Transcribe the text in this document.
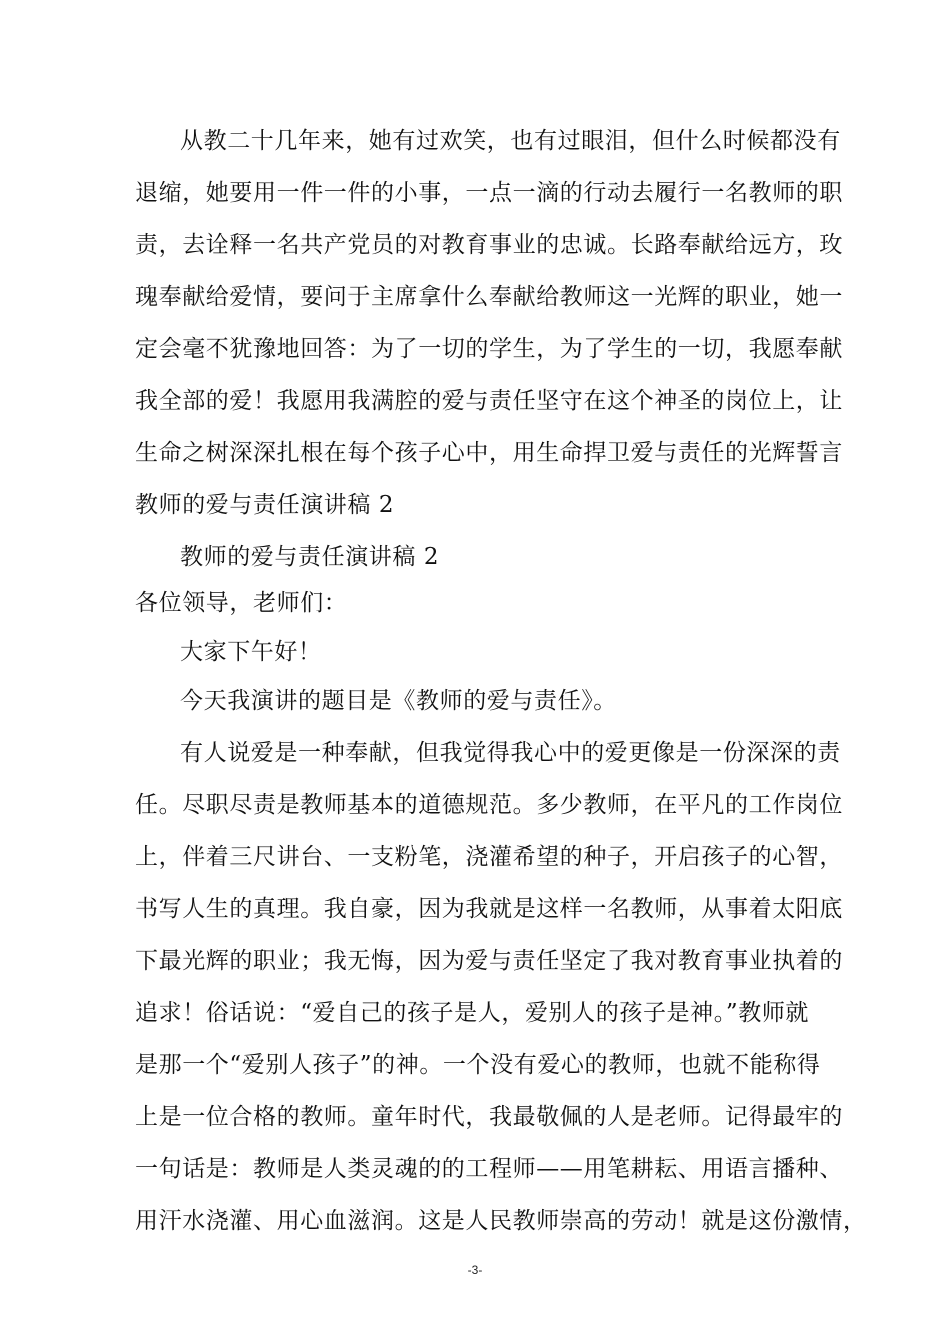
从教二十几年来，她有过欢笑，也有过眼泪，但什么时候都没有
退缩，她要用一件一件的小事，一点一滴的行动去履行一名教师的职
责，去诠释一名共产党员的对教育事业的忠诚。长路奉献给远方，玫
瑰奉献给爱情，要问于主席拿什么奉献给教师这一光辉的职业，她一
定会毫不犹豫地回答：为了一切的学生，为了学生的一切，我愿奉献
我全部的爱！我愿用我满腔的爱与责任坚守在这个神圣的岗位上，让
生命之树深深扎根在每个孩子心中，用生命捍卫爱与责任的光辉誓言
教师的爱与责任演讲稿 2
教师的爱与责任演讲稿 2
各位领导，老师们：
大家下午好！
今天我演讲的题目是《教师的爱与责任》。
有人说爱是一种奉献，但我觉得我心中的爱更像是一份深深的责
任。尽职尽责是教师基本的道德规范。多少教师，在平凡的工作岗位
上，伴着三尺讲台、一支粉笔，浇灌希望的种子，开启孩子的心智，
书写人生的真理。我自豪，因为我就是这样一名教师，从事着太阳底
下最光辉的职业；我无悔，因为爱与责任坚定了我对教育事业执着的
追求！俗话说：“爱自己的孩子是人，爱别人的孩子是神。”教师就
是那一个“爱别人孩子”的神。一个没有爱心的教师，也就不能称得
上是一位合格的教师。童年时代，我最敬佩的人是老师。记得最牢的
一句话是：教师是人类灵魂的的工程师——用笔耕耘、用语言播种、
用汗水浇灌、用心血滋润。这是人民教师崇高的劳动！就是这份激情，
-3-
